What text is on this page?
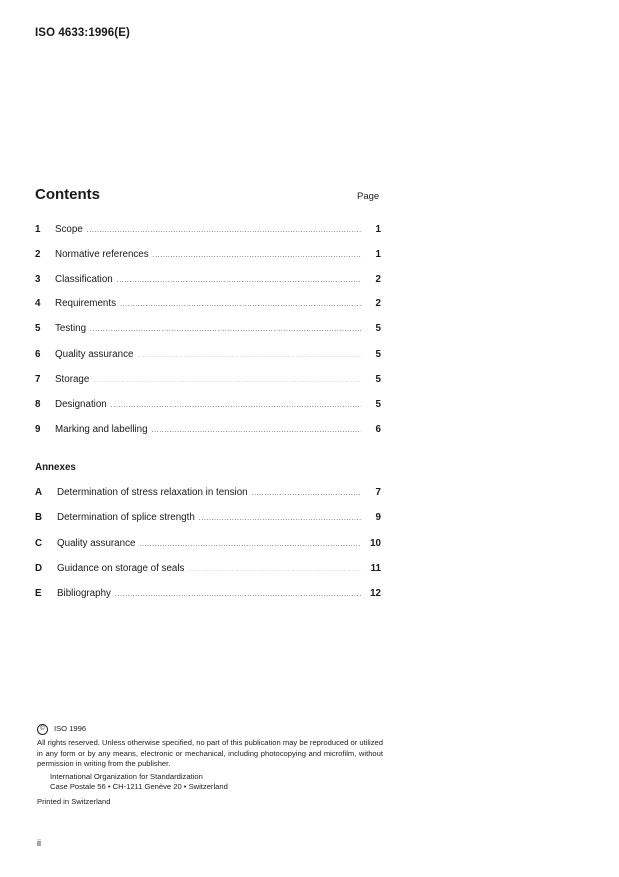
ISO 4633:1996(E)
Contents	Page
1	Scope .....	1
2	Normative references .....	1
3	Classification .....	2
4	Requirements .....	2
5	Testing .....	5
6	Quality assurance .....	5
7	Storage .....	5
8	Designation .....	5
9	Marking and labelling .....	6
Annexes
A	Determination of stress relaxation in tension .....	7
B	Determination of splice strength .....	9
C	Quality assurance .....	10
D	Guidance on storage of seals .....	11
E	Bibliography .....	12
©	ISO 1996
All rights reserved. Unless otherwise specified, no part of this publication may be reproduced or utilized in any form or by any means, electronic or mechanical, including photocopying and microfilm, without permission in writing from the publisher.
International Organization for Standardization
Case Postale 56 • CH-1211 Genève 20 • Switzerland
Printed in Switzerland
ii
